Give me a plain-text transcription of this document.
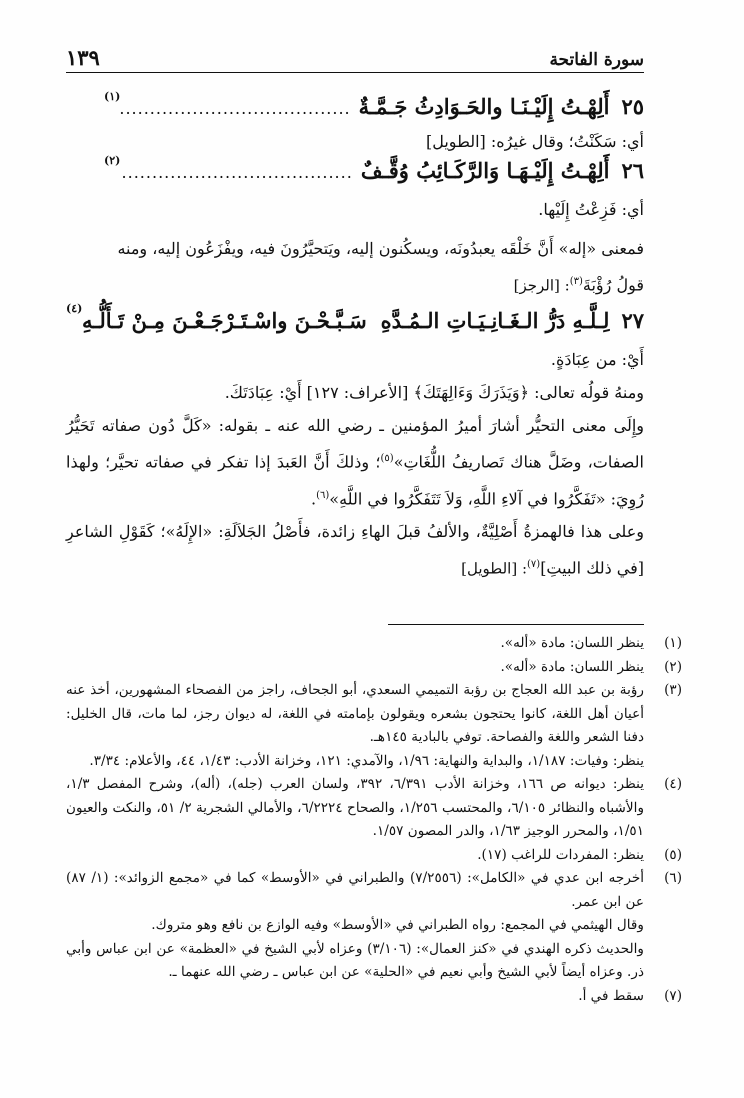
سورة الفاتحة
١٣٩
٢٥
أَلِهْـتُ إِلَيْـنَـا والحَـوَادِثُ جَـمَّـةٌ
......................................
(١)
أي: سَكَنْتُ؛ وقال غيرُه: [الطويل]
٢٦
أَلِهْـتُ إِلَيْـهَـا وَالرَّكَـائِبُ وُقَّـفٌ
......................................
(٢)
أي: فَزِعْتُ إِلَيْها.
فمعنى «إله» أَنَّ خَلْقَه يعبدُونَه، ويسكُنون إليه، ويَتحيَّرُونَ فيه، ويفْزَعُون إليه، ومنه
قولُ رُؤْبَةَ$^{(٣)}$: [الرجز]
٢٧
لِـلَّـهِ دَرُّ الـغَـانِـيَـاتِ الـمُـدَّهِ
سَـبَّـحْـنَ واسْـتَـرْجَـعْـنَ مِـنْ تَـأَلُّـهِ
(٤)
أَيْ: من عِبَادَةٍ.
ومنهُ قولُه تعالى: ﴿وَيَذَرَكَ وَءَالِهَتَكَ﴾ [الأعراف: ١٢٧] أَيْ: عِبَادَتَكَ.
وإِلَى معنى التحيُّر أشارَ أميرُ المؤمنين ـ رضي الله عنه ـ بقوله: «كَلَّ دُون صفاته تَحَيُّرُ الصفات، وضَلَّ هناك تَصاريفُ اللُّغَاتِ»$^{(٥)}$؛ وذلكَ أَنَّ العَبدَ إذا تفكر في صفاته تحيَّر؛ ولهذا رُوِيَ: «تَفَكَّرُوا في آلاءِ اللَّهِ، وَلاَ تَتَفَكَّرُوا في اللَّهِ»$^{(٦)}$.
وعلى هذا فالهمزةُ أَصْلِيَّةٌ، والألفُ قبلَ الهاءِ زائدة، فأَصْلُ الجَلاَلَةِ: «الإِلَهُ»؛ كَقَوْلِ الشاعرِ [في ذلك البيتِ]$^{(٧)}$: [الطويل]
(١)

ينظر اللسان: مادة «أله».

(٢)

ينظر اللسان: مادة «أله».

(٣)

رؤبة بن عبد الله العجاج بن رؤبة التميمي السعدي، أبو الجحاف، راجز من الفصحاء المشهورين، أخذ عنه أعيان أهل اللغة، كانوا يحتجون بشعره ويقولون بإمامته في اللغة، له ديوان رجز، لما مات، قال الخليل: دفنا الشعر واللغة والفصاحة. توفي بالبادية ١٤٥هـ.

ينظر: وفيات: ١/١٨٧، والبداية والنهاية: ١/٩٦، والآمدي: ١٢١، وخزانة الأدب: ١/٤٣، ٤٤، والأعلام: ٣/٣٤.

(٤)

ينظر: ديوانه ص ١٦٦، وخزانة الأدب ٦/٣٩١، ٣٩٢، ولسان العرب (جله)، (أله)، وشرح المفصل ١/٣، والأشباه والنظائر ٦/١٠٥، والمحتسب ١/٢٥٦، والصحاح ٦/٢٢٢٤، والأمالي الشجرية ٢/ ٥١، والنكت والعيون ١/٥١، والمحرر الوجيز ١/٦٣، والدر المصون ١/٥٧.

(٥)

ينظر: المفردات للراغب (١٧).

(٦)

أخرجه ابن عدي في «الكامل»: (٧/٢٥٥٦) والطبراني في «الأوسط» كما في «مجمع الزوائد»: (١/ ٨٧) عن ابن عمر.

وقال الهيثمي في المجمع: رواه الطبراني في «الأوسط» وفيه الوازع بن نافع وهو متروك.

والحديث ذكره الهندي في «كنز العمال»: (٣/١٠٦) وعزاه لأبي الشيخ في «العظمة» عن ابن عباس وأبي ذر. وعزاه أيضاً لأبي الشيخ وأبي نعيم في «الحلية» عن ابن عباس ـ رضي الله عنهما ـ.

(٧)

سقط في أ.
